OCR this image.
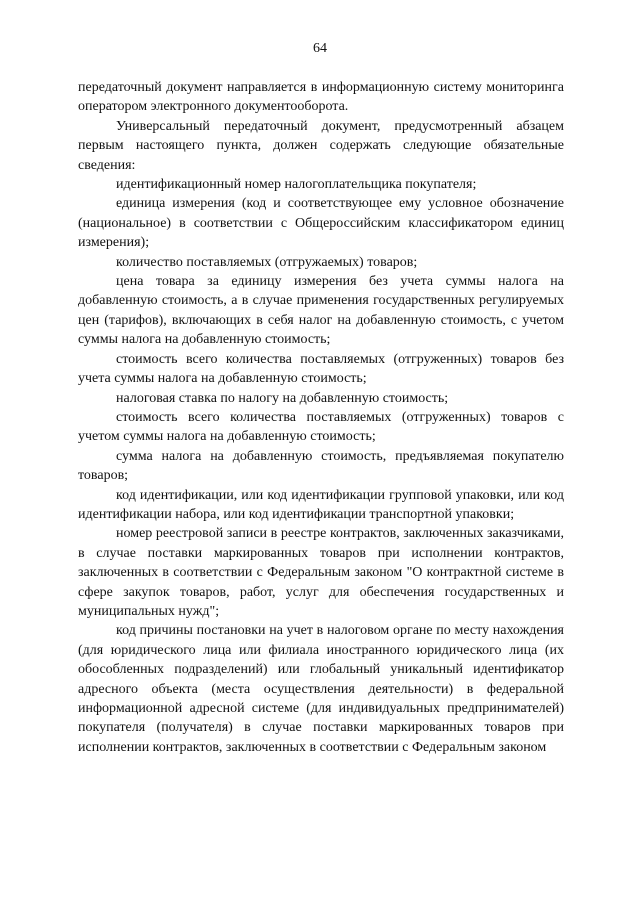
64

передаточный документ направляется в информационную систему мониторинга оператором электронного документооборота.

Универсальный передаточный документ, предусмотренный абзацем первым настоящего пункта, должен содержать следующие обязательные сведения:

идентификационный номер налогоплательщика покупателя;

единица измерения (код и соответствующее ему условное обозначение (национальное) в соответствии с Общероссийским классификатором единиц измерения);

количество поставляемых (отгружаемых) товаров;

цена товара за единицу измерения без учета суммы налога на добавленную стоимость, а в случае применения государственных регулируемых цен (тарифов), включающих в себя налог на добавленную стоимость, с учетом суммы налога на добавленную стоимость;

стоимость всего количества поставляемых (отгруженных) товаров без учета суммы налога на добавленную стоимость;

налоговая ставка по налогу на добавленную стоимость;

стоимость всего количества поставляемых (отгруженных) товаров с учетом суммы налога на добавленную стоимость;

сумма налога на добавленную стоимость, предъявляемая покупателю товаров;

код идентификации, или код идентификации групповой упаковки, или код идентификации набора, или код идентификации транспортной упаковки;

номер реестровой записи в реестре контрактов, заключенных заказчиками, в случае поставки маркированных товаров при исполнении контрактов, заключенных в соответствии с Федеральным законом "О контрактной системе в сфере закупок товаров, работ, услуг для обеспечения государственных и муниципальных нужд";

код причины постановки на учет в налоговом органе по месту нахождения (для юридического лица или филиала иностранного юридического лица (их обособленных подразделений) или глобальный уникальный идентификатор адресного объекта (места осуществления деятельности) в федеральной информационной адресной системе (для индивидуальных предпринимателей) покупателя (получателя) в случае поставки маркированных товаров при исполнении контрактов, заключенных в соответствии с Федеральным законом
